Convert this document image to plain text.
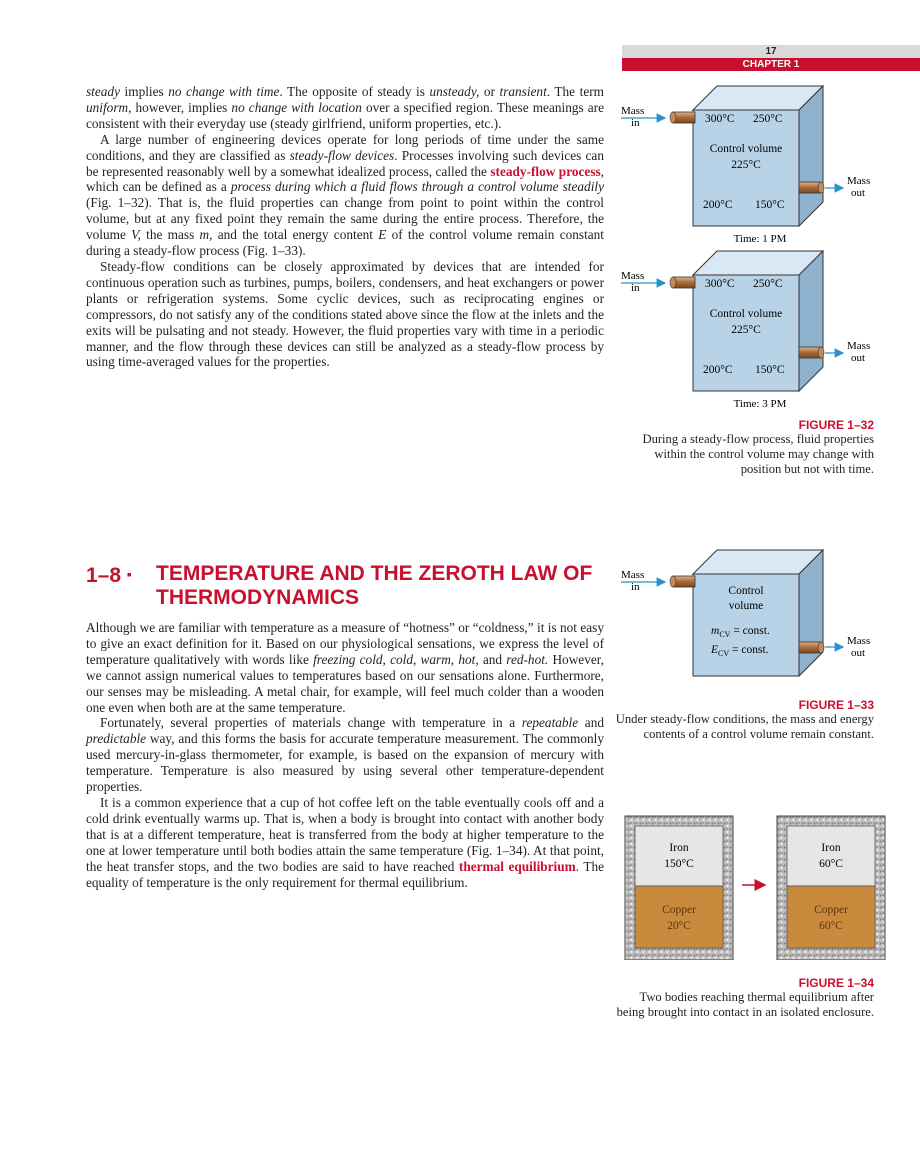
17
CHAPTER 1

steady implies no change with time. The opposite of steady is unsteady, or transient. The term uniform, however, implies no change with location over a specified region. These meanings are consistent with their everyday use (steady girlfriend, uniform properties, etc.).

A large number of engineering devices operate for long periods of time under the same conditions, and they are classified as steady-flow devices. Processes involving such devices can be represented reasonably well by a somewhat idealized process, called the steady-flow process, which can be defined as a process during which a fluid flows through a control volume steadily (Fig. 1–32). That is, the fluid properties can change from point to point within the control volume, but at any fixed point they remain the same during the entire process. Therefore, the volume V, the mass m, and the total energy content E of the control volume remain constant during a steady-flow process (Fig. 1–33).

Steady-flow conditions can be closely approximated by devices that are intended for continuous operation such as turbines, pumps, boilers, condensers, and heat exchangers or power plants or refrigeration systems. Some cyclic devices, such as reciprocating engines or compressors, do not satisfy any of the conditions stated above since the flow at the inlets and the exits will be pulsating and not steady. However, the fluid properties vary with time in a periodic manner, and the flow through these devices can still be analyzed as a steady-flow process by using time-averaged values for the properties.

1–8 ▪	TEMPERATURE AND THE ZEROTH LAW OF
THERMODYNAMICS

Although we are familiar with temperature as a measure of “hotness” or “coldness,” it is not easy to give an exact definition for it. Based on our physiological sensations, we express the level of temperature qualitatively with words like freezing cold, cold, warm, hot, and red-hot. However, we cannot assign numerical values to temperatures based on our sensations alone. Furthermore, our senses may be misleading. A metal chair, for example, will feel much colder than a wooden one even when both are at the same temperature.

Fortunately, several properties of materials change with temperature in a repeatable and predictable way, and this forms the basis for accurate temperature measurement. The commonly used mercury-in-glass thermometer, for example, is based on the expansion of mercury with temperature. Temperature is also measured by using several other temperature-dependent properties.

It is a common experience that a cup of hot coffee left on the table eventually cools off and a cold drink eventually warms up. That is, when a body is brought into contact with another body that is at a different temperature, heat is transferred from the body at higher temperature to the one at lower temperature until both bodies attain the same temperature (Fig. 1–34). At that point, the heat transfer stops, and the two bodies are said to have reached thermal equilibrium. The equality of temperature is the only requirement for thermal equilibrium.

Mass
in	300°C 250°C
Control volume
225°C
200°C 150°C
Mass
out
Time: 1 PM
Mass
in	300°C 250°C
Control volume
225°C
200°C 150°C
Mass
out
Time: 3 PM
FIGURE 1–32
During a steady-flow process, fluid properties within the control volume may change with position but not with time.
Mass
in	Control
volume
$m_{CV}$ = const.
$E_{CV}$ = const.
Mass
out
FIGURE 1–33
Under steady-flow conditions, the mass and energy contents of a control volume remain constant.
Iron
150°C
Copper
20°C
Iron
60°C
Copper
60°C
FIGURE 1–34
Two bodies reaching thermal equilibrium after being brought into contact in an isolated enclosure.
